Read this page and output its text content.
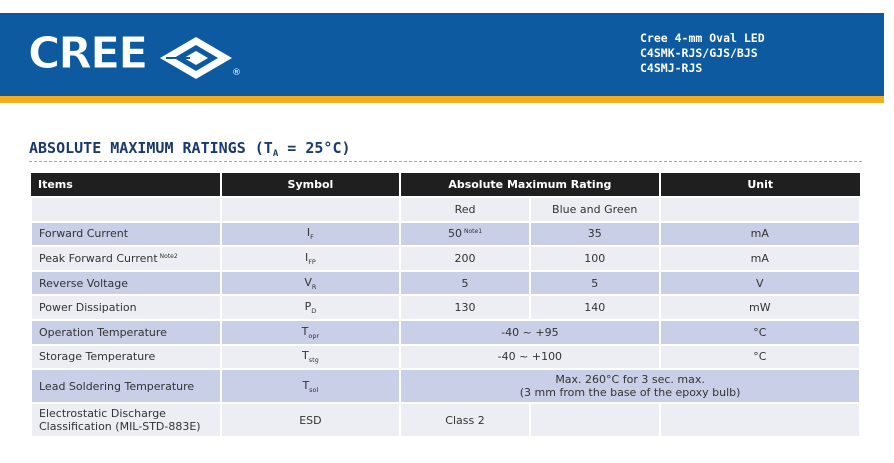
CREE	®
Cree 4-mm Oval LED
C4SMK-RJS/GJS/BJS
C4SMJ-RJS
ABSOLUTE MAXIMUM RATINGS $(T_A = 25^\circ C)$
Items	Symbol	Absolute Maximum Rating		Unit
		Red	Blue and Green	
Forward Current	$I_F$	50 $^{Note1}$	35	mA
Peak Forward Current $^{Note2}$	$I_{FP}$	200	100	mA
Reverse Voltage	$V_R$	5	5	V
Power Dissipation	$P_D$	130	140	mW
Operation Temperature	$T_{opr}$	-40 ~ +95		°C
Storage Temperature	$T_{stg}$	-40 ~ +100		°C
Lead Soldering Temperature	$T_{sol}$	Max. 260°C for 3 sec. max.
(3 mm from the base of the epoxy bulb)		

Electrostatic Discharge
Classification (MIL-STD-883E)	ESD	Class 2		
